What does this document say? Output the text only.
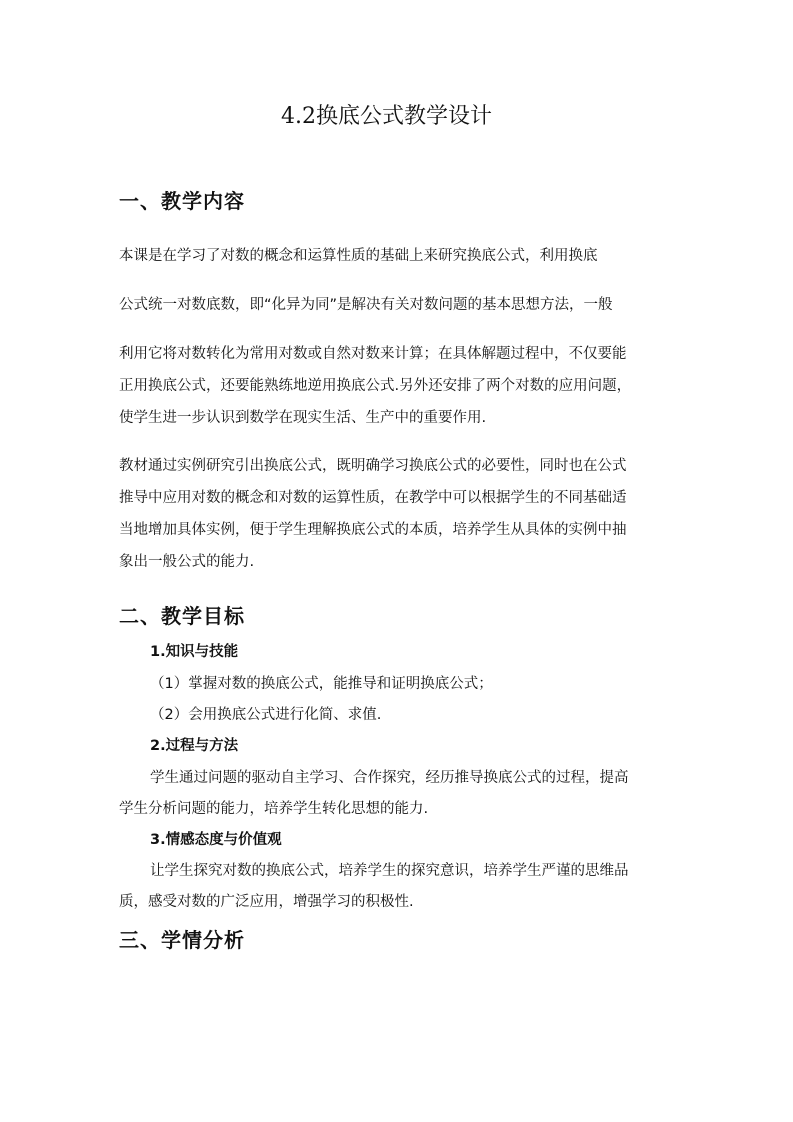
4.2换底公式教学设计
一、教学内容
本课是在学习了对数的概念和运算性质的基础上来研究换底公式，利用换底
公式统一对数底数，即“化异为同”是解决有关对数问题的基本思想方法，一般
利用它将对数转化为常用对数或自然对数来计算；在具体解题过程中，不仅要能
正用换底公式，还要能熟练地逆用换底公式.另外还安排了两个对数的应用问题，
使学生进一步认识到数学在现实生活、生产中的重要作用.
教材通过实例研究引出换底公式，既明确学习换底公式的必要性，同时也在公式
推导中应用对数的概念和对数的运算性质，在教学中可以根据学生的不同基础适
当地增加具体实例，便于学生理解换底公式的本质，培养学生从具体的实例中抽
象出一般公式的能力.
二、教学目标
1.知识与技能
（1）掌握对数的换底公式，能推导和证明换底公式；
（2）会用换底公式进行化简、求值.
2.过程与方法
学生通过问题的驱动自主学习、合作探究，经历推导换底公式的过程，提高
学生分析问题的能力，培养学生转化思想的能力.
3.情感态度与价值观
让学生探究对数的换底公式，培养学生的探究意识，培养学生严谨的思维品
质，感受对数的广泛应用，增强学习的积极性.
三、学情分析
